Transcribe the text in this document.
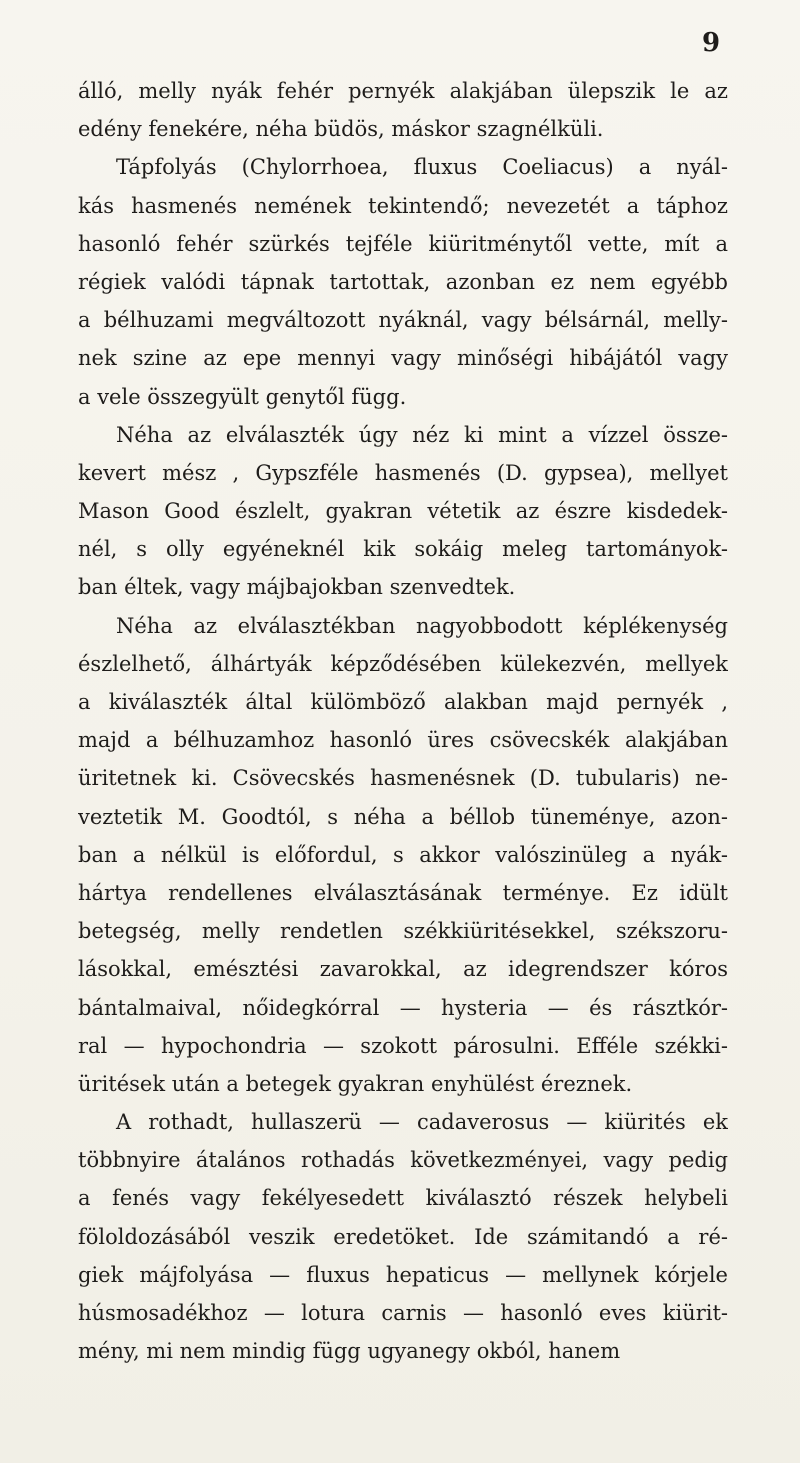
9
álló, melly nyák fehér pernyék alakjában ülepszik le az
edény fenekére, néha büdös, máskor szagnélküli.
Tápfolyás (Chylorrhoea, fluxus Coeliacus) a nyál-
kás hasmenés nemének tekintendő; nevezetét a táphoz
hasonló fehér szürkés tejféle kiüritménytől vette, mít a
régiek valódi tápnak tartottak, azonban ez nem egyébb
a bélhuzami megváltozott nyáknál, vagy bélsárnál, melly-
nek szine az epe mennyi vagy minőségi hibájától vagy
a vele összegyült genytől függ.
Néha az elválaszték úgy néz ki mint a vízzel össze-
kevert mész , Gypszféle hasmenés (D. gypsea), mellyet
Mason Good észlelt, gyakran vétetik az észre kisdedek-
nél, s olly egyéneknél kik sokáig meleg tartományok-
ban éltek, vagy májbajokban szenvedtek.
Néha az elválasztékban nagyobbodott képlékenység
észlelhető, álhártyák képződésében külekezvén, mellyek
a kiválaszték által külömböző alakban majd pernyék ,
majd a bélhuzamhoz hasonló üres csövecskék alakjában
üritetnek ki. Csövecskés hasmenésnek (D. tubularis) ne-
veztetik M. Goodtól, s néha a béllob tüneménye, azon-
ban a nélkül is előfordul, s akkor valószinüleg a nyák-
hártya rendellenes elválasztásának terménye. Ez idült
betegség, melly rendetlen székkiüritésekkel, székszoru-
lásokkal, emésztési zavarokkal, az idegrendszer kóros
bántalmaival, nőidegkórral — hysteria — és rásztkór-
ral — hypochondria — szokott párosulni. Efféle székki-
üritések után a betegek gyakran enyhülést éreznek.
A rothadt, hullaszerü — cadaverosus — kiürités ek
többnyire átalános rothadás következményei, vagy pedig
a fenés vagy fekélyesedett kiválasztó részek helybeli
föloldozásából veszik eredetöket. Ide számitandó a ré-
giek májfolyása — fluxus hepaticus — mellynek kórjele
húsmosadékhoz — lotura carnis — hasonló eves kiürit-
mény, mi nem mindig függ ugyanegy okból, hanem
